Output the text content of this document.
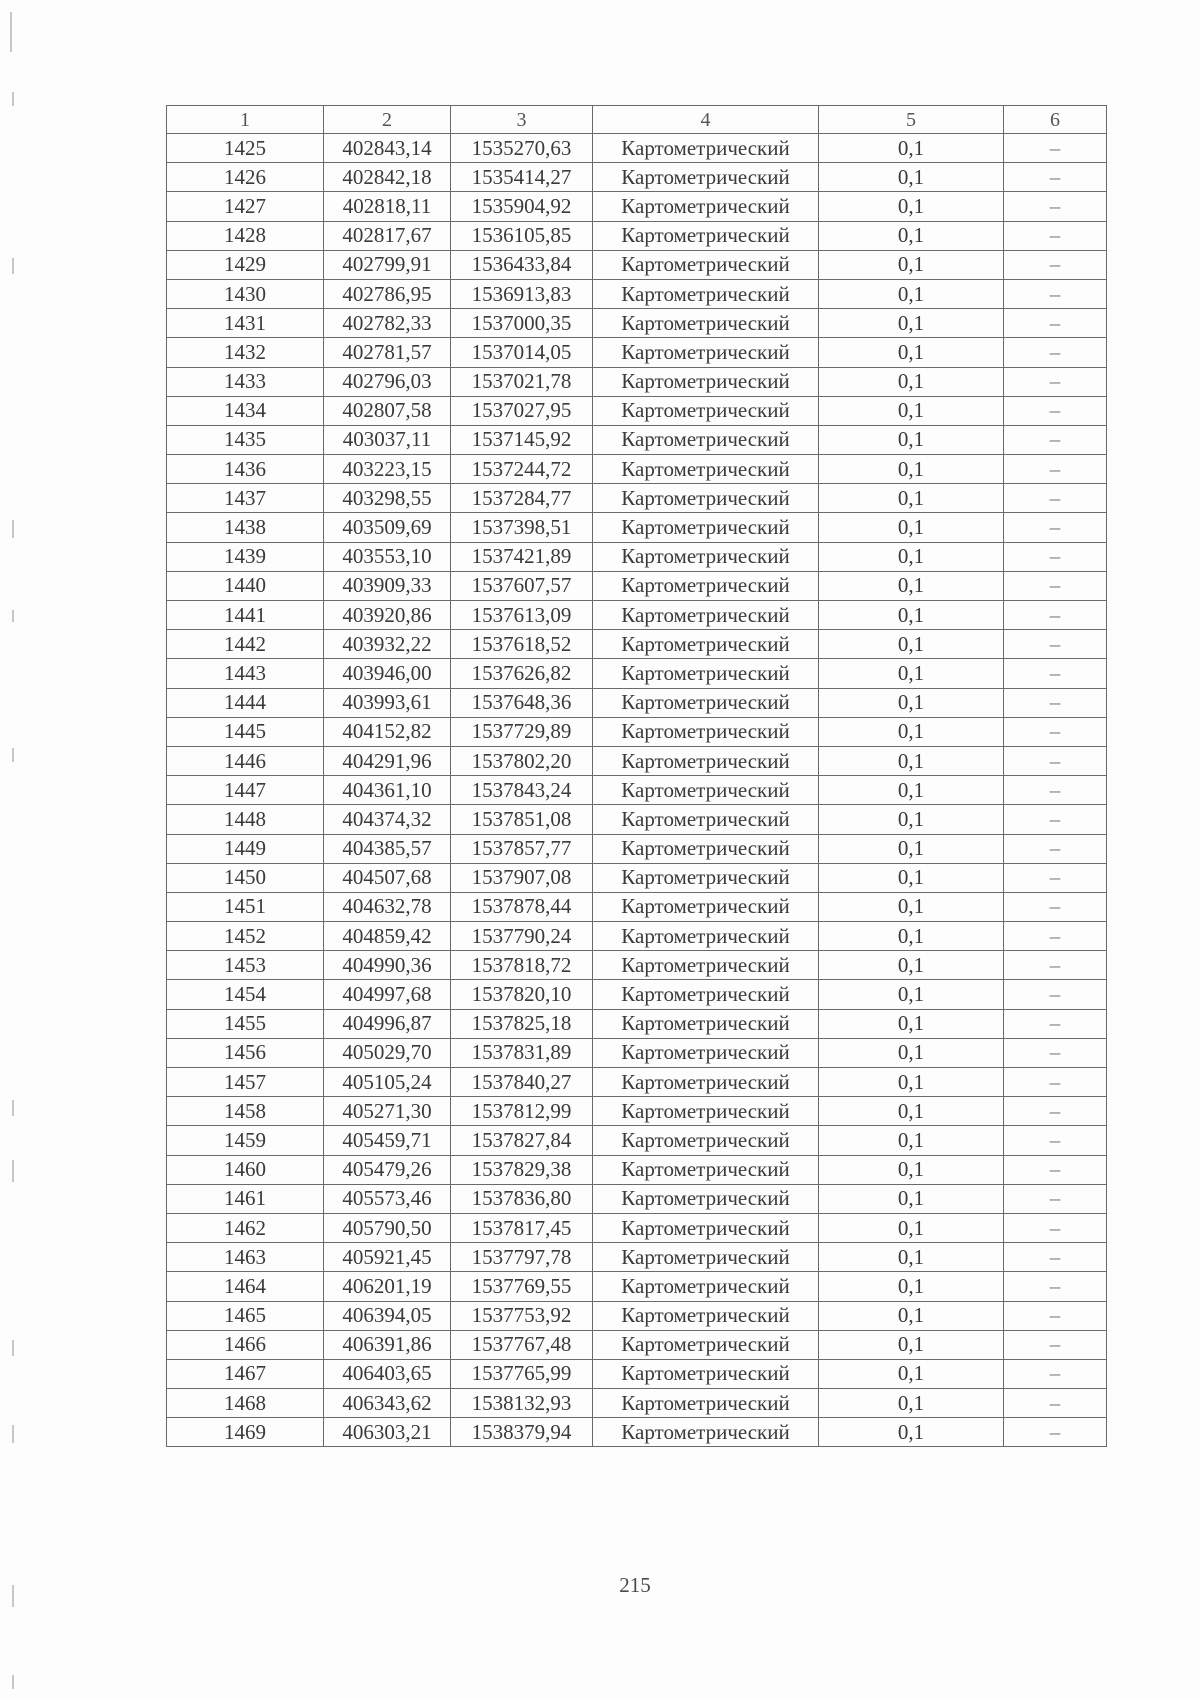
1	2	3	4	5	6
1425	402843,14	1535270,63	Картометрический	0,1	–
1426	402842,18	1535414,27	Картометрический	0,1	–
1427	402818,11	1535904,92	Картометрический	0,1	–
1428	402817,67	1536105,85	Картометрический	0,1	–
1429	402799,91	1536433,84	Картометрический	0,1	–
1430	402786,95	1536913,83	Картометрический	0,1	–
1431	402782,33	1537000,35	Картометрический	0,1	–
1432	402781,57	1537014,05	Картометрический	0,1	–
1433	402796,03	1537021,78	Картометрический	0,1	–
1434	402807,58	1537027,95	Картометрический	0,1	–
1435	403037,11	1537145,92	Картометрический	0,1	–
1436	403223,15	1537244,72	Картометрический	0,1	–
1437	403298,55	1537284,77	Картометрический	0,1	–
1438	403509,69	1537398,51	Картометрический	0,1	–
1439	403553,10	1537421,89	Картометрический	0,1	–
1440	403909,33	1537607,57	Картометрический	0,1	–
1441	403920,86	1537613,09	Картометрический	0,1	–
1442	403932,22	1537618,52	Картометрический	0,1	–
1443	403946,00	1537626,82	Картометрический	0,1	–
1444	403993,61	1537648,36	Картометрический	0,1	–
1445	404152,82	1537729,89	Картометрический	0,1	–
1446	404291,96	1537802,20	Картометрический	0,1	–
1447	404361,10	1537843,24	Картометрический	0,1	–
1448	404374,32	1537851,08	Картометрический	0,1	–
1449	404385,57	1537857,77	Картометрический	0,1	–
1450	404507,68	1537907,08	Картометрический	0,1	–
1451	404632,78	1537878,44	Картометрический	0,1	–
1452	404859,42	1537790,24	Картометрический	0,1	–
1453	404990,36	1537818,72	Картометрический	0,1	–
1454	404997,68	1537820,10	Картометрический	0,1	–
1455	404996,87	1537825,18	Картометрический	0,1	–
1456	405029,70	1537831,89	Картометрический	0,1	–
1457	405105,24	1537840,27	Картометрический	0,1	–
1458	405271,30	1537812,99	Картометрический	0,1	–
1459	405459,71	1537827,84	Картометрический	0,1	–
1460	405479,26	1537829,38	Картометрический	0,1	–
1461	405573,46	1537836,80	Картометрический	0,1	–
1462	405790,50	1537817,45	Картометрический	0,1	–
1463	405921,45	1537797,78	Картометрический	0,1	–
1464	406201,19	1537769,55	Картометрический	0,1	–
1465	406394,05	1537753,92	Картометрический	0,1	–
1466	406391,86	1537767,48	Картометрический	0,1	–
1467	406403,65	1537765,99	Картометрический	0,1	–
1468	406343,62	1538132,93	Картометрический	0,1	–
1469	406303,21	1538379,94	Картометрический	0,1	–
215
